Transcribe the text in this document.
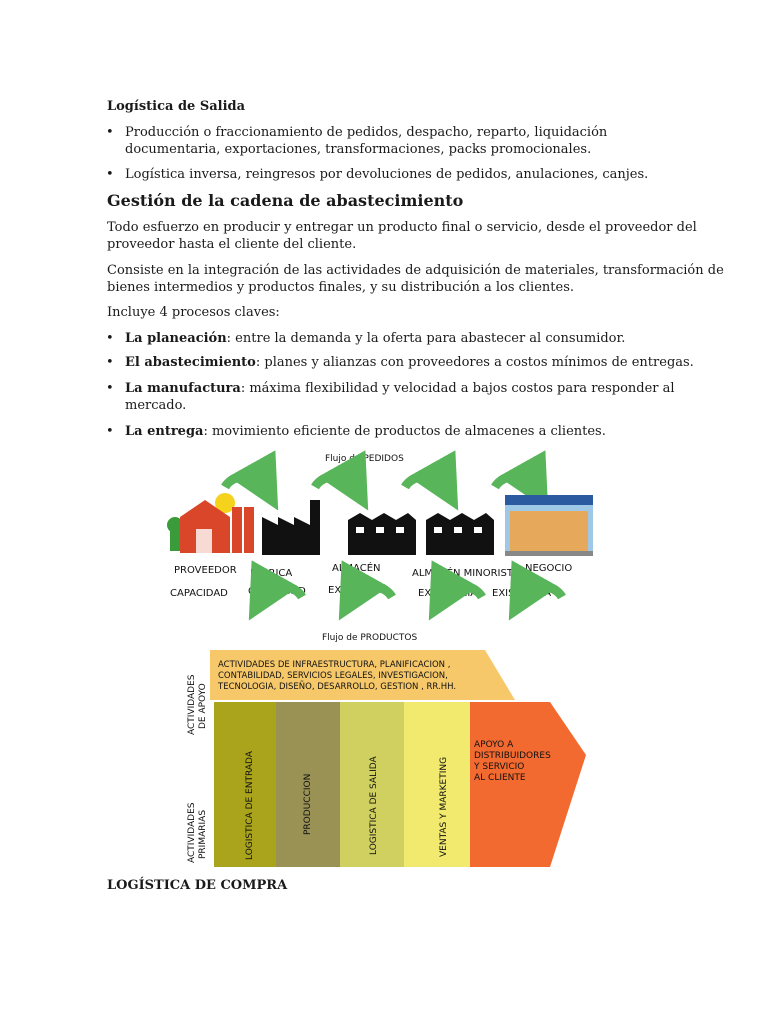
Logística de Salida
• Producción o fraccionamiento de pedidos, despacho, reparto, liquidación
documentaria, exportaciones, transformaciones, packs promocionales.
• Logística inversa, reingresos por devoluciones de pedidos, anulaciones, canjes.
Gestión de la cadena de abastecimiento
Todo esfuerzo en producir y entregar un producto final o servicio, desde el proveedor del
proveedor hasta el cliente del cliente.
Consiste en la integración de las actividades de adquisición de materiales, transformación de
bienes intermedios y productos finales, y su distribución a los clientes.
Incluye 4 procesos claves:
• La planeación: entre la demanda y la oferta para abastecer al consumidor.
• El abastecimiento: planes y alianzas con proveedores a costos mínimos de entregas.
• La manufactura: máxima flexibilidad y velocidad a bajos costos para responder al
mercado.
• La entrega: movimiento eficiente de productos de almacenes a clientes.
Flujo de PEDIDOS
PROVEEDOR
CAPACIDAD
FABRICA
CAPACIDAD
ALMACÉN
EXISTENCIÁ
ALMACÉN MINORISTA
EXISTENCIA
NEGOCIO
EXISTENCIA
Flujo de PRODUCTOS
ACTIVIDADES DE INFRAESTRUCTURA, PLANIFICACION , CONTABILIDAD, SERVICIOS LEGALES, INVESTIGACION, TECNOLOGIA, DISEÑO, DESARROLLO, GESTION , RR.HH.
ACTIVIDADES DE APOYO
ACTIVIDADES PRIMARIAS	LOGISTICA DE ENTRADA	PRODUCCION	LOGISTICA DE SALIDA	VENTAS Y MARKETING
APOYO A DISTRIBUIDORES Y SERVICIO AL CLIENTE
LOGÍSTICA DE COMPRA
